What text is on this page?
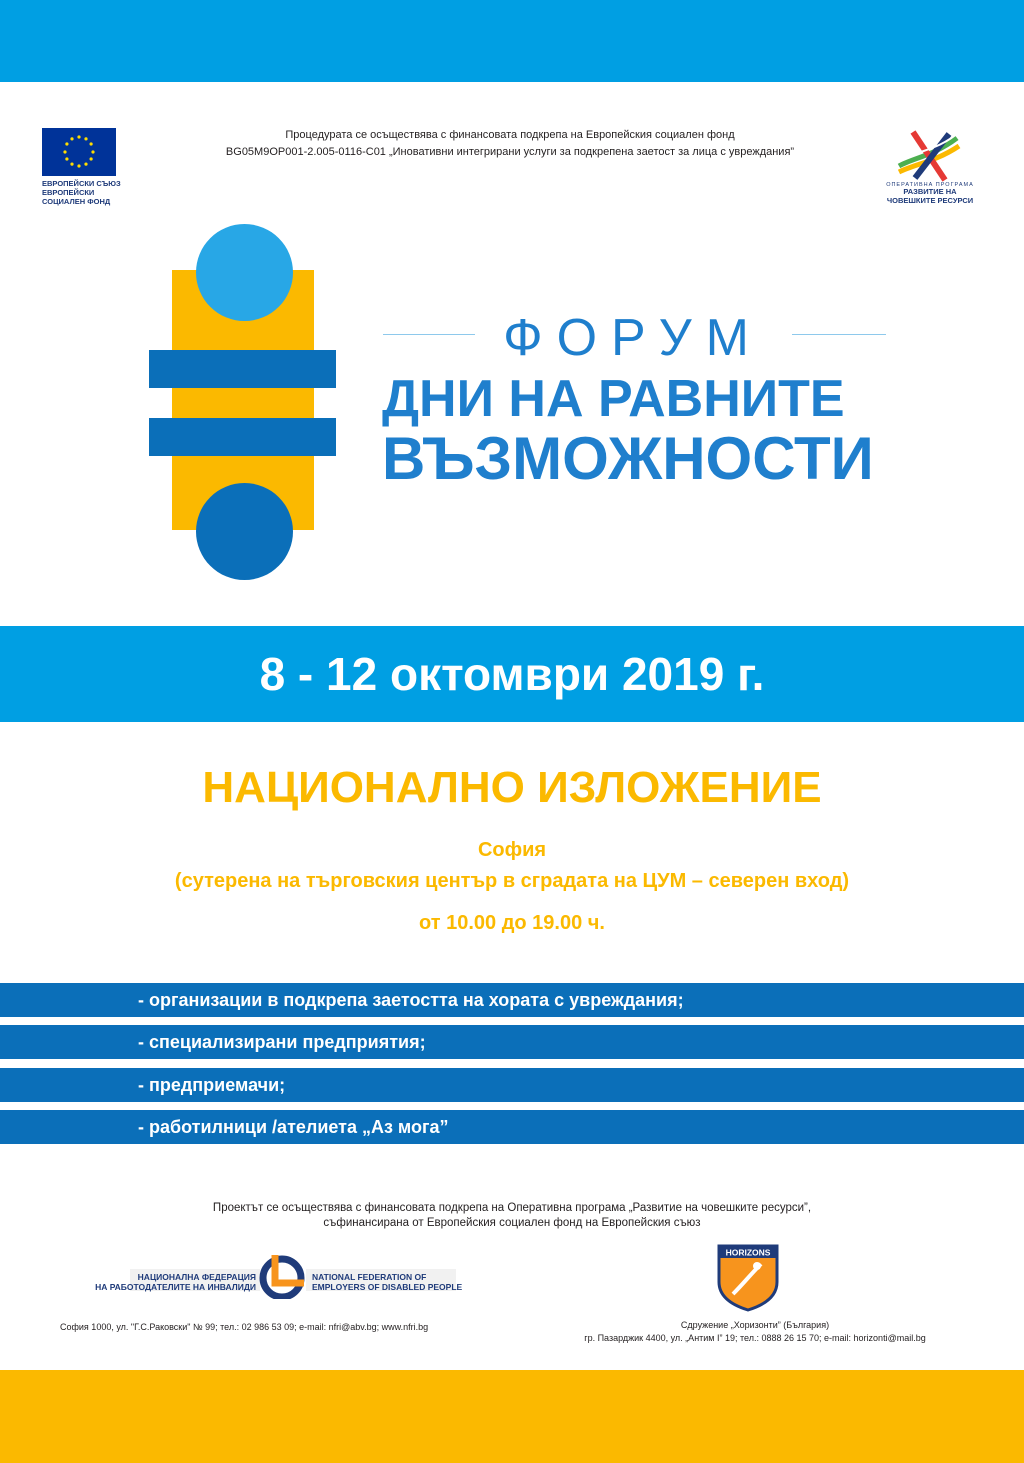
ЕВРОПЕЙСКИ СЪЮЗ
ЕВРОПЕЙСКИ
СОЦИАЛЕН ФОНД
Процедурата се осъществява с финансовата подкрепа на Европейския социален фонд
BG05M9OP001-2.005-0116-C01 „Иновативни интегрирани услуги за подкрепена заетост за лица с увреждания”
ОПЕРАТИВНА ПРОГРАМА
РАЗВИТИЕ НА
ЧОВЕШКИТЕ РЕСУРСИ
ФОРУМ
ДНИ НА РАВНИТЕ
ВЪЗМОЖНОСТИ
8 - 12 октомври 2019 г.
НАЦИОНАЛНО ИЗЛОЖЕНИЕ
София
(сутерена на търговския център в сградата на ЦУМ – северен вход)
от 10.00 до 19.00 ч.
- организации в подкрепа заетостта на хората с увреждания;
- специализирани предприятия;
- предприемачи;
- работилници /ателиета „Аз мога”
Проектът се осъществява с финансовата подкрепа на Оперативна програма „Развитие на човешките ресурси”,
съфинансирана от Европейския социален фонд на Европейския съюз
НАЦИОНАЛНА ФЕДЕРАЦИЯ
НА РАБОТОДАТЕЛИТЕ НА ИНВАЛИДИ
NATIONAL FEDERATION OF
EMPLOYERS OF DISABLED PEOPLE
София 1000, ул. "Г.С.Раковски" № 99; тел.: 02 986 53 09; e-mail: nfri@abv.bg; www.nfri.bg
HORIZONS
Сдружение „Хоризонти” (България)
гр. Пазарджик 4400, ул. „Антим I” 19; тел.: 0888 26 15 70; e-mail: horizonti@mail.bg
